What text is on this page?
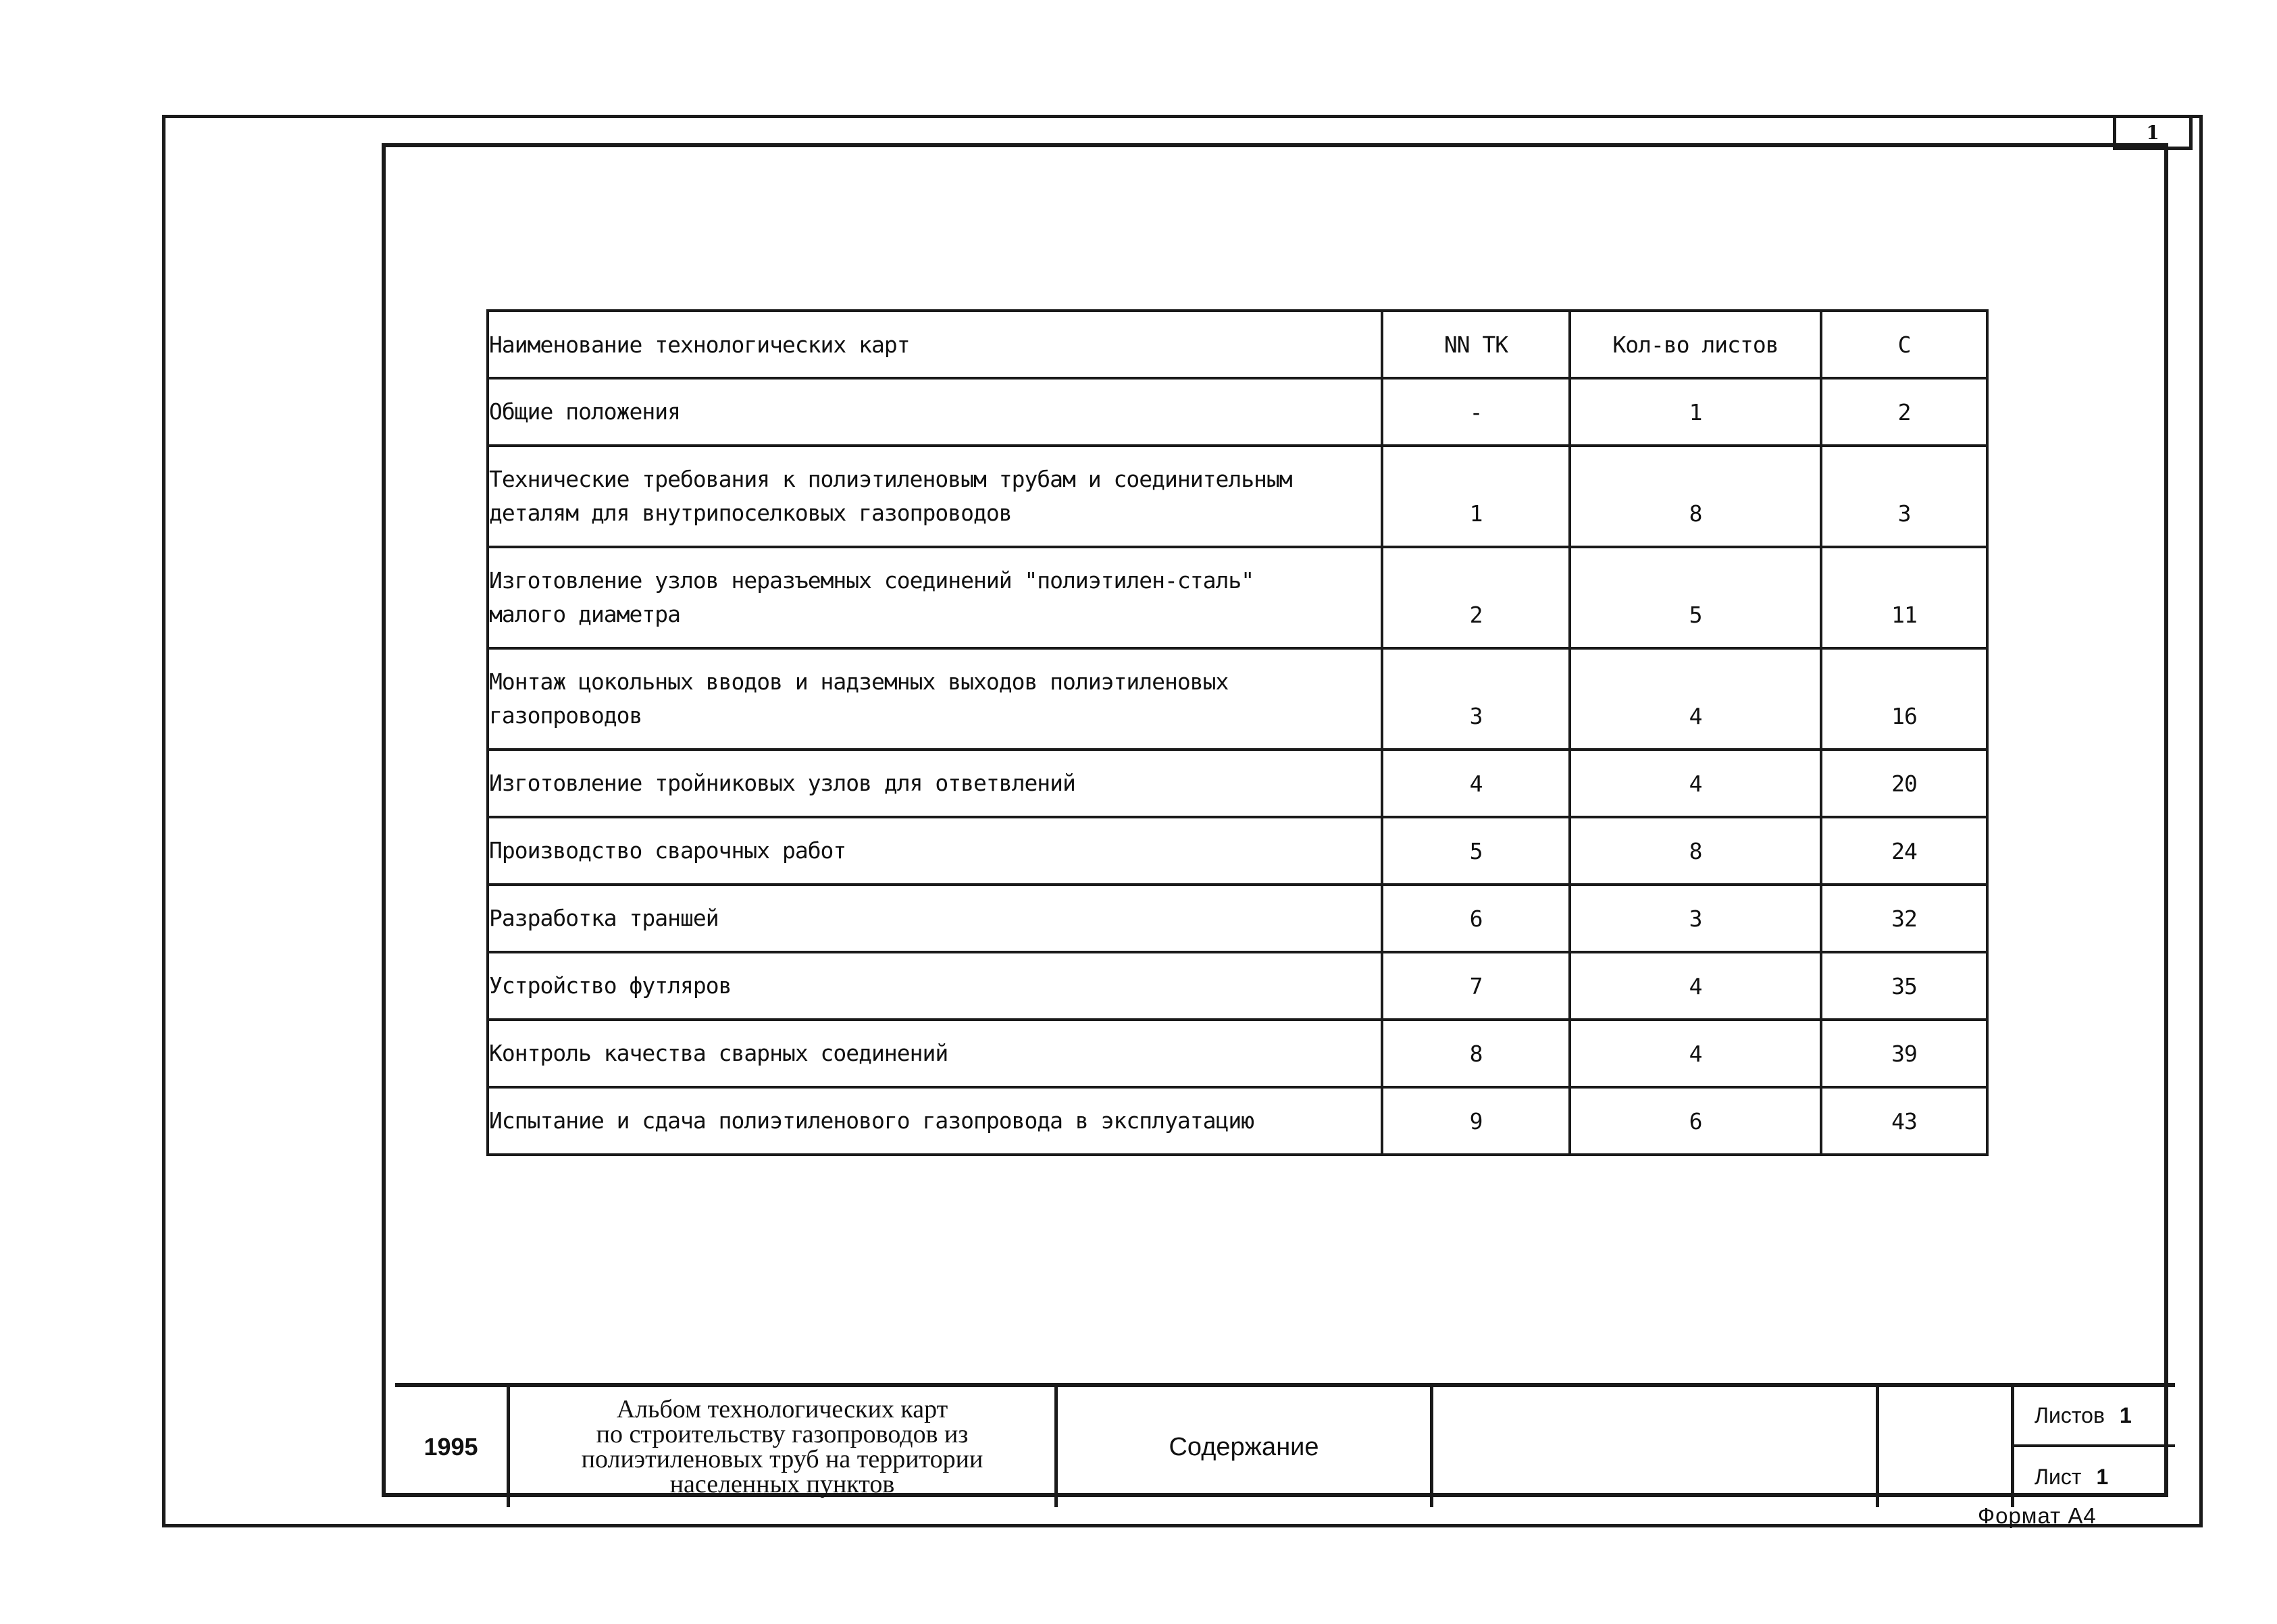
1
Наименование технологических карт	NN ТК	Кол-во листов	С

Общие положения	-	1	2

Технические требования к полиэтиленовым трубам и соединительным
деталям для внутрипоселковых газопроводов	1	8	3

Изготовление узлов неразъемных соединений "полиэтилен-сталь"
малого диаметра	2	5	11

Монтаж цокольных вводов и надземных выходов полиэтиленовых
газопроводов	3	4	16

Изготовление тройниковых узлов для ответвлений	4	4	20

Производство сварочных работ	5	8	24

Разработка траншей	6	3	32

Устройство футляров	7	4	35

Контроль качества сварных соединений	8	4	39

Испытание и сдача полиэтиленового газопровода в эксплуатацию	9	6	43
1995
Альбом технологических карт
по строительству газопроводов из
полиэтиленовых труб на территории
населенных пунктов
Содержание
Листов 1
Лист 1
Формат А4
